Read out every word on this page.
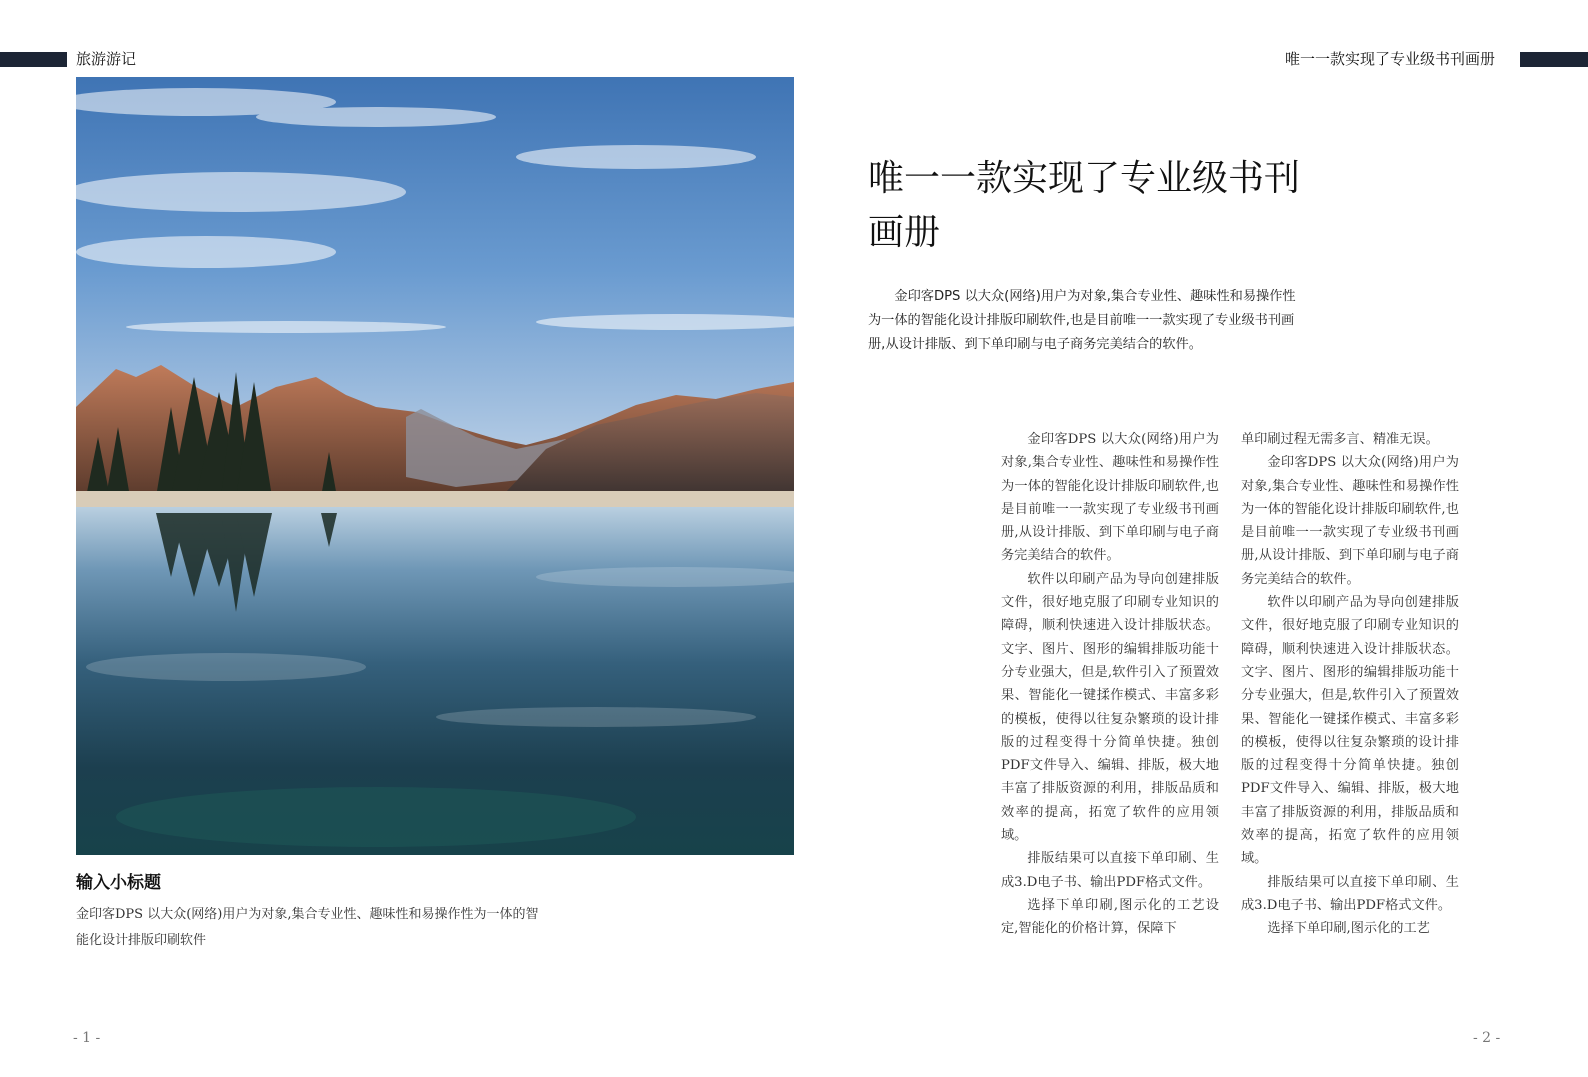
旅游游记	唯一一款实现了专业级书刊画册
输入小标题
金印客DPS 以大众(网络)用户为对象,集合专业性、趣味性和易操作性为一体的智能化设计排版印刷软件
唯一一款实现了专业级书刊画册

金印客DPS 以大众(网络)用户为对象,集合专业性、趣味性和易操作性为一体的智能化设计排版印刷软件,也是目前唯一一款实现了专业级书刊画册,从设计排版、到下单印刷与电子商务完美结合的软件。

金印客DPS 以大众(网络)用户为对象,集合专业性、趣味性和易操作性为一体的智能化设计排版印刷软件,也是目前唯一一款实现了专业级书刊画册,从设计排版、到下单印刷与电子商务完美结合的软件。

软件以印刷产品为导向创建排版文件，很好地克服了印刷专业知识的障碍，顺利快速进入设计排版状态。文字、图片、图形的编辑排版功能十分专业强大，但是,软件引入了预置效果、智能化一键揉作模式、丰富多彩的模板，使得以往复杂繁琐的设计排版的过程变得十分简单快捷。独创PDF文件导入、编辑、排版，极大地丰富了排版资源的利用，排版品质和效率的提高，拓宽了软件的应用领域。

排版结果可以直接下单印刷、生成3.D电子书、输出PDF格式文件。

选择下单印刷,图示化的工艺设定,智能化的价格计算，保障下

单印刷过程无需多言、精准无误。

金印客DPS 以大众(网络)用户为对象,集合专业性、趣味性和易操作性为一体的智能化设计排版印刷软件,也是目前唯一一款实现了专业级书刊画册,从设计排版、到下单印刷与电子商务完美结合的软件。

软件以印刷产品为导向创建排版文件，很好地克服了印刷专业知识的障碍，顺利快速进入设计排版状态。文字、图片、图形的编辑排版功能十分专业强大，但是,软件引入了预置效果、智能化一键揉作模式、丰富多彩的模板，使得以往复杂繁琐的设计排版的过程变得十分简单快捷。独创PDF文件导入、编辑、排版，极大地丰富了排版资源的利用，排版品质和效率的提高，拓宽了软件的应用领域。

排版结果可以直接下单印刷、生成3.D电子书、输出PDF格式文件。

选择下单印刷,图示化的工艺

- 1 -	- 2 -
